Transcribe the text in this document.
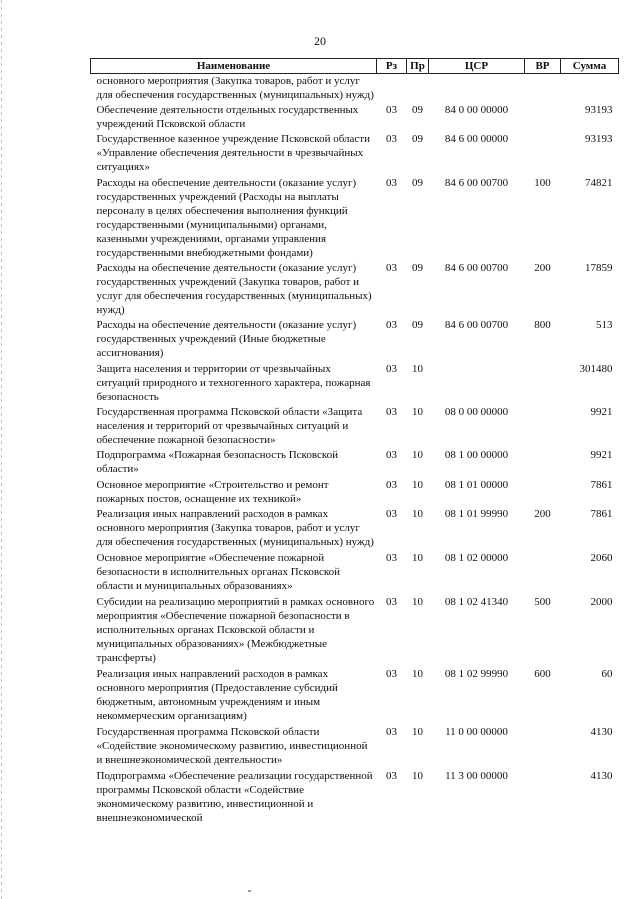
20
Наименование	Рз	Пр	ЦСР	ВР	Сумма
основного мероприятия (Закупка товаров, работ и услуг для обеспечения государственных (муниципальных) нужд)					
Обеспечение деятельности отдельных государственных учреждений Псковской области	03	09	84 0 00 00000		93193
Государственное казенное учреждение Псковской области «Управление обеспечения деятельности в чрезвычайных ситуациях»	03	09	84 6 00 00000		93193
Расходы на обеспечение деятельности (оказание услуг) государственных учреждений (Расходы на выплаты персоналу в целях обеспечения выполнения функций государственными (муниципальными) органами, казенными учреждениями, органами управления государственными внебюджетными фондами)	03	09	84 6 00 00700	100	74821
Расходы на обеспечение деятельности (оказание услуг) государственных учреждений (Закупка товаров, работ и услуг для обеспечения государственных (муниципальных) нужд)	03	09	84 6 00 00700	200	17859
Расходы на обеспечение деятельности (оказание услуг) государственных учреждений (Иные бюджетные ассигнования)	03	09	84 6 00 00700	800	513
Защита населения и территории от чрезвычайных ситуаций природного и техногенного характера, пожарная безопасность	03	10			301480
Государственная программа Псковской области «Защита населения и территорий от чрезвычайных ситуаций и обеспечение пожарной безопасности»	03	10	08 0 00 00000		9921
Подпрограмма «Пожарная безопасность Псковской области»	03	10	08 1 00 00000		9921
Основное мероприятие «Строительство и ремонт пожарных постов, оснащение их техникой»	03	10	08 1 01 00000		7861
Реализация иных направлений расходов в рамках основного мероприятия (Закупка товаров, работ и услуг для обеспечения государственных (муниципальных) нужд)	03	10	08 1 01 99990	200	7861
Основное мероприятие «Обеспечение пожарной безопасности в исполнительных органах Псковской области и муниципальных образованиях»	03	10	08 1 02 00000		2060
Субсидии на реализацию мероприятий в рамках основного мероприятия «Обеспечение пожарной безопасности в исполнительных органах Псковской области и муниципальных образованиях» (Межбюджетные трансферты)	03	10	08 1 02 41340	500	2000
Реализация иных направлений расходов в рамках основного мероприятия (Предоставление субсидий бюджетным, автономным учреждениям и иным некоммерческим организациям)	03	10	08 1 02 99990	600	60
Государственная программа Псковской области «Содействие экономическому развитию, инвестиционной и внешнеэкономической деятельности»	03	10	11 0 00 00000		4130
Подпрограмма «Обеспечение реализации государственной программы Псковской области «Содействие экономическому развитию, инвестиционной и внешнеэкономической	03	10	11 3 00 00000		4130
